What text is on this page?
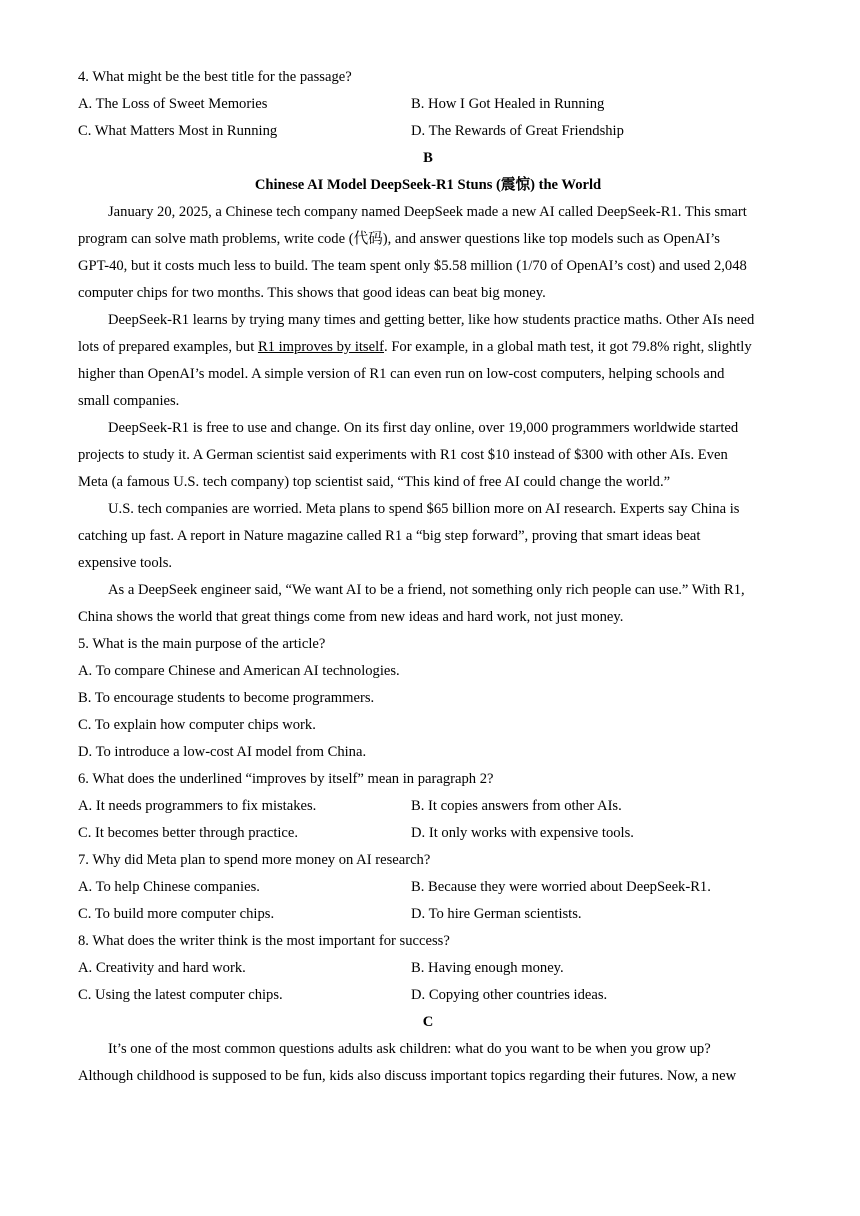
4. What might be the best title for the passage?
A. The Loss of Sweet Memories	B. How I Got Healed in Running
C. What Matters Most in Running	D. The Rewards of Great Friendship
B
Chinese AI Model DeepSeek-R1 Stuns (震惊) the World
January 20, 2025, a Chinese tech company named DeepSeek made a new AI called DeepSeek-R1. This smart
program can solve math problems, write code (代码), and answer questions like top models such as OpenAI’s
GPT-40, but it costs much less to build. The team spent only $5.58 million (1/70 of OpenAI’s cost) and used 2,048
computer chips for two months. This shows that good ideas can beat big money.
DeepSeek-R1 learns by trying many times and getting better, like how students practice maths. Other AIs need
lots of prepared examples, but R1 improves by itself. For example, in a global math test, it got 79.8% right, slightly
higher than OpenAI’s model. A simple version of R1 can even run on low-cost computers, helping schools and
small companies.
DeepSeek-R1 is free to use and change. On its first day online, over 19,000 programmers worldwide started
projects to study it. A German scientist said experiments with R1 cost $10 instead of $300 with other AIs. Even
Meta (a famous U.S. tech company) top scientist said, “This kind of free AI could change the world.”
U.S. tech companies are worried. Meta plans to spend $65 billion more on AI research. Experts say China is
catching up fast. A report in Nature magazine called R1 a “big step forward”, proving that smart ideas beat
expensive tools.
As a DeepSeek engineer said, “We want AI to be a friend, not something only rich people can use.” With R1,
China shows the world that great things come from new ideas and hard work, not just money.
5. What is the main purpose of the article?
A. To compare Chinese and American AI technologies.
B. To encourage students to become programmers.
C. To explain how computer chips work.
D. To introduce a low-cost AI model from China.
6. What does the underlined “improves by itself” mean in paragraph 2?
A. It needs programmers to fix mistakes.	B. It copies answers from other AIs.
C. It becomes better through practice.	D. It only works with expensive tools.
7. Why did Meta plan to spend more money on AI research?
A. To help Chinese companies.	B. Because they were worried about DeepSeek-R1.
C. To build more computer chips.	D. To hire German scientists.
8. What does the writer think is the most important for success?
A. Creativity and hard work.	B. Having enough money.
C. Using the latest computer chips.	D. Copying other countries ideas.
C
It’s one of the most common questions adults ask children: what do you want to be when you grow up?
Although childhood is supposed to be fun, kids also discuss important topics regarding their futures. Now, a new
